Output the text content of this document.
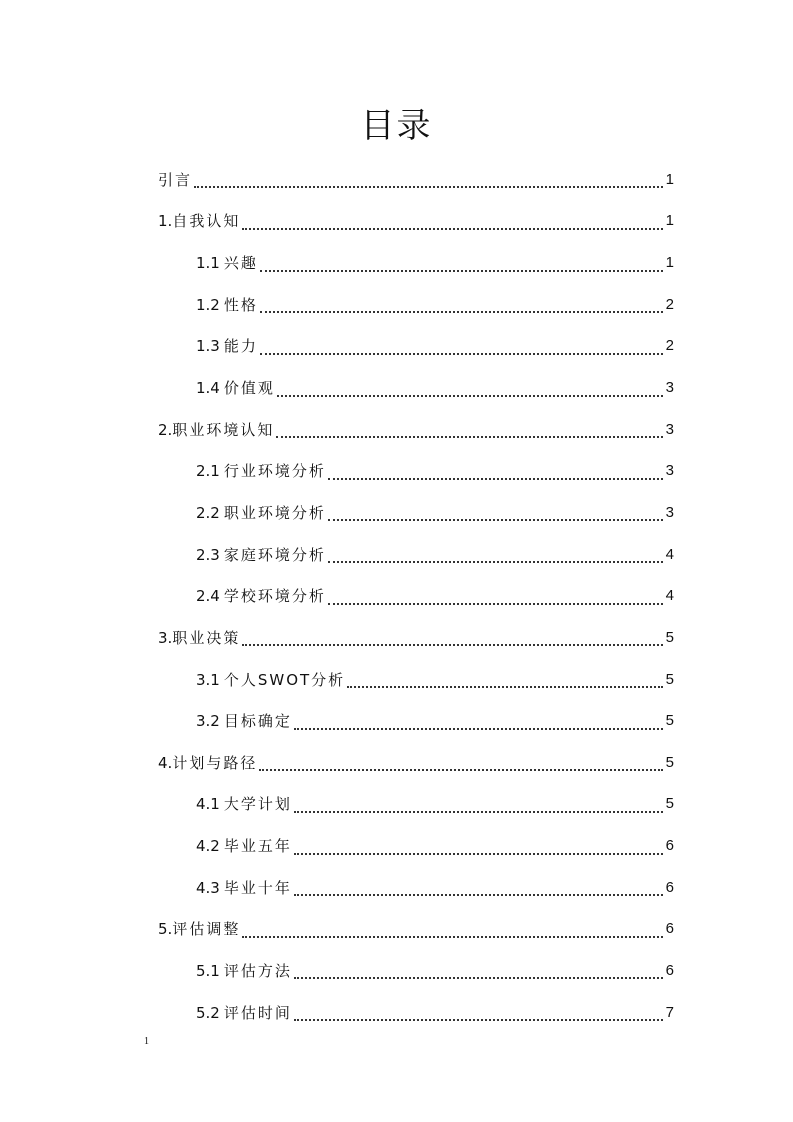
目录
引言	1
1.自我认知	1
1.1 兴趣	1
1.2 性格	2
1.3 能力	2
1.4 价值观	3
2.职业环境认知	3
2.1 行业环境分析	3
2.2 职业环境分析	3
2.3 家庭环境分析	4
2.4 学校环境分析	4
3.职业决策	5
3.1 个人SWOT分析	5
3.2 目标确定	5
4.计划与路径	5
4.1 大学计划	5
4.2 毕业五年	6
4.3 毕业十年	6
5.评估调整	6
5.1 评估方法	6
5.2 评估时间	7
1
